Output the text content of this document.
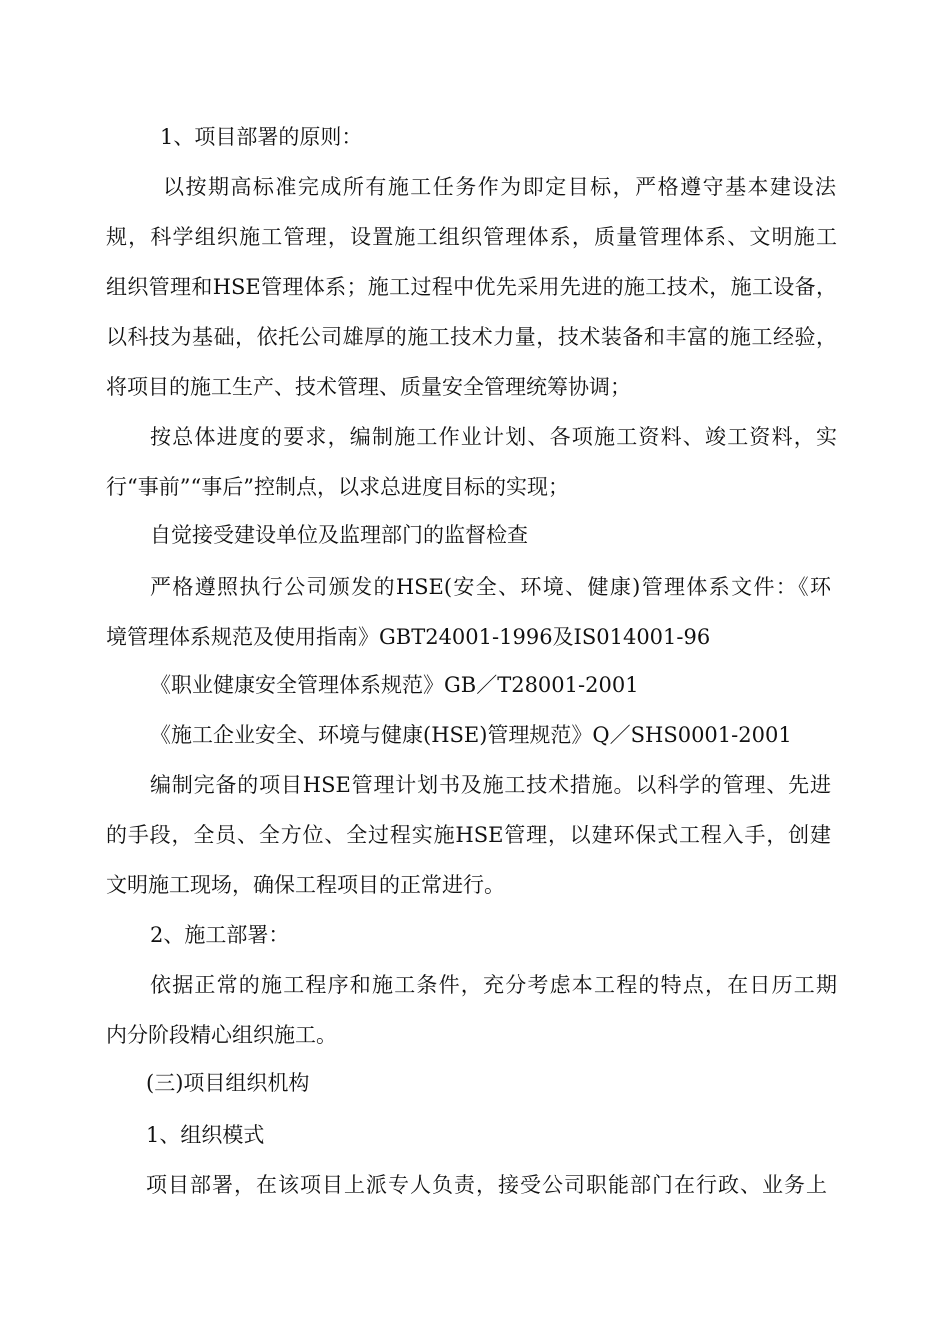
1、项目部署的原则：

以按期高标准完成所有施工任务作为即定目标，严格遵守基本建设法

规，科学组织施工管理，设置施工组织管理体系，质量管理体系、文明施工

组织管理和HSE管理体系；施工过程中优先采用先进的施工技术，施工设备，

以科技为基础，依托公司雄厚的施工技术力量，技术装备和丰富的施工经验，

将项目的施工生产、技术管理、质量安全管理统筹协调；

按总体进度的要求，编制施工作业计划、各项施工资料、竣工资料，实

行“事前”“事后”控制点，以求总进度目标的实现；

自觉接受建设单位及监理部门的监督检查

严格遵照执行公司颁发的HSE(安全、环境、健康)管理体系文件：《环

境管理体系规范及使用指南》GBT24001-1996及IS014001-96

《职业健康安全管理体系规范》GB／T28001-2001

《施工企业安全、环境与健康(HSE)管理规范》Q／SHS0001-2001

编制完备的项目HSE管理计划书及施工技术措施。以科学的管理、先进

的手段，全员、全方位、全过程实施HSE管理，以建环保式工程入手，创建

文明施工现场，确保工程项目的正常进行。

2、施工部署：

依据正常的施工程序和施工条件，充分考虑本工程的特点，在日历工期

内分阶段精心组织施工。

(三)项目组织机构

1、组织模式

项目部署，在该项目上派专人负责，接受公司职能部门在行政、业务上
